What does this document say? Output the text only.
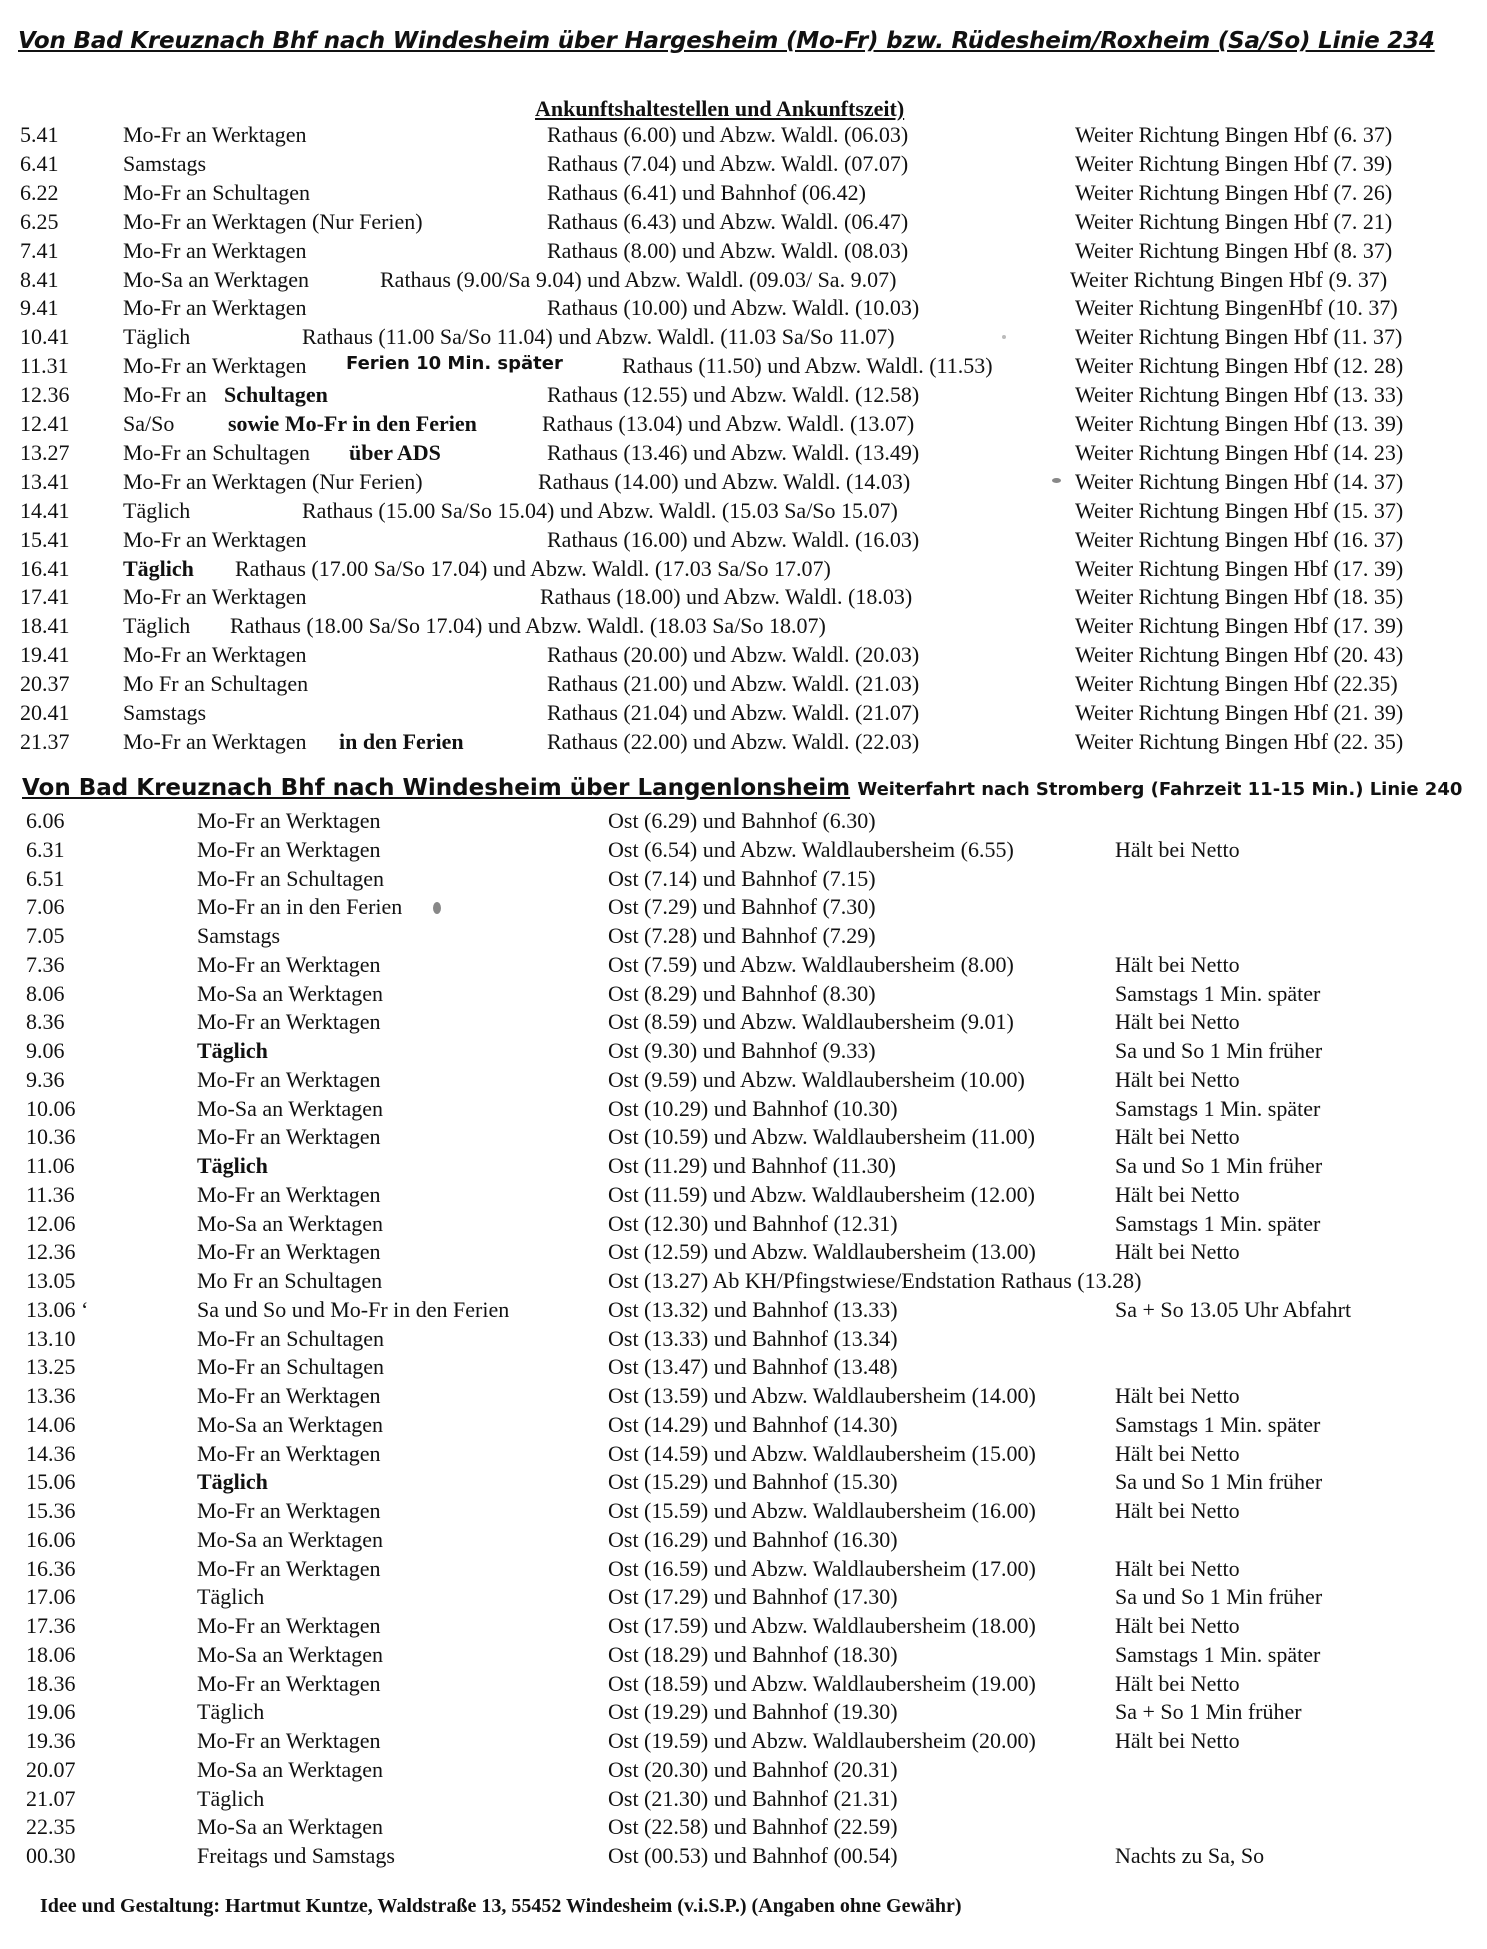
Von Bad Kreuznach Bhf nach Windesheim über Hargesheim (Mo-Fr) bzw. Rüdesheim/Roxheim (Sa/So) Linie 234
Ankunftshaltestellen und Ankunftszeit)
5.41	Mo-Fr an Werktagen	Rathaus (6.00) und Abzw. Waldl. (06.03)	Weiter Richtung Bingen Hbf (6. 37)
6.41	Samstags	Rathaus (7.04) und Abzw. Waldl. (07.07)	Weiter Richtung Bingen Hbf (7. 39)
6.22	Mo-Fr an Schultagen	Rathaus (6.41) und Bahnhof (06.42)	Weiter Richtung Bingen Hbf (7. 26)
6.25	Mo-Fr an Werktagen (Nur Ferien)	Rathaus (6.43) und Abzw. Waldl. (06.47)	Weiter Richtung Bingen Hbf (7. 21)
7.41	Mo-Fr an Werktagen	Rathaus (8.00) und Abzw. Waldl. (08.03)	Weiter Richtung Bingen Hbf (8. 37)
8.41	Mo-Sa an Werktagen	Rathaus (9.00/Sa 9.04) und Abzw. Waldl. (09.03/ Sa. 9.07)	Weiter Richtung Bingen Hbf (9. 37)
9.41	Mo-Fr an Werktagen	Rathaus (10.00) und Abzw. Waldl. (10.03)	Weiter Richtung BingenHbf (10. 37)
10.41 Täglich	Rathaus (11.00 Sa/So 11.04) und Abzw. Waldl. (11.03 Sa/So 11.07)	Weiter Richtung Bingen Hbf (11. 37)
11.31 Mo-Fr an Werktagen Ferien 10 Min. später	Rathaus (11.50) und Abzw. Waldl. (11.53)	Weiter Richtung Bingen Hbf (12. 28)
12.36 Mo-Fr an Schultagen	Rathaus (12.55) und Abzw. Waldl. (12.58)	Weiter Richtung Bingen Hbf (13. 33)
12.41 Sa/So sowie Mo-Fr in den Ferien	Rathaus (13.04) und Abzw. Waldl. (13.07)	Weiter Richtung Bingen Hbf (13. 39)
13.27 Mo-Fr an Schultagen über ADS	Rathaus (13.46) und Abzw. Waldl. (13.49)	Weiter Richtung Bingen Hbf (14. 23)
13.41 Mo-Fr an Werktagen (Nur Ferien)	Rathaus (14.00) und Abzw. Waldl. (14.03)	Weiter Richtung Bingen Hbf (14. 37)
14.41 Täglich	Rathaus (15.00 Sa/So 15.04) und Abzw. Waldl. (15.03 Sa/So 15.07)	Weiter Richtung Bingen Hbf (15. 37)
15.41 Mo-Fr an Werktagen	Rathaus (16.00) und Abzw. Waldl. (16.03)	Weiter Richtung Bingen Hbf (16. 37)
16.41 Täglich Rathaus (17.00 Sa/So 17.04) und Abzw. Waldl. (17.03 Sa/So 17.07)	Weiter Richtung Bingen Hbf (17. 39)
17.41 Mo-Fr an Werktagen	Rathaus (18.00) und Abzw. Waldl. (18.03)	Weiter Richtung Bingen Hbf (18. 35)
18.41 Täglich Rathaus (18.00 Sa/So 17.04) und Abzw. Waldl. (18.03 Sa/So 18.07)	Weiter Richtung Bingen Hbf (17. 39)
19.41 Mo-Fr an Werktagen	Rathaus (20.00) und Abzw. Waldl. (20.03)	Weiter Richtung Bingen Hbf (20. 43)
20.37 Mo Fr an Schultagen	Rathaus (21.00) und Abzw. Waldl. (21.03)	Weiter Richtung Bingen Hbf (22.35)
20.41 Samstags	Rathaus (21.04) und Abzw. Waldl. (21.07)	Weiter Richtung Bingen Hbf (21. 39)
21.37 Mo-Fr an Werktagen in den Ferien	Rathaus (22.00) und Abzw. Waldl. (22.03)	Weiter Richtung Bingen Hbf (22. 35)
Von Bad Kreuznach Bhf nach Windesheim über Langenlonsheim Weiterfahrt nach Stromberg (Fahrzeit 11-15 Min.) Linie 240
6.06	Mo-Fr an Werktagen	Ost (6.29) und Bahnhof (6.30)
6.31	Mo-Fr an Werktagen	Ost (6.54) und Abzw. Waldlaubersheim (6.55)	Hält bei Netto
6.51	Mo-Fr an Schultagen	Ost (7.14) und Bahnhof (7.15)
7.06	Mo-Fr an in den Ferien	Ost (7.29) und Bahnhof (7.30)
7.05	Samstags	Ost (7.28) und Bahnhof (7.29)
7.36	Mo-Fr an Werktagen	Ost (7.59) und Abzw. Waldlaubersheim (8.00)	Hält bei Netto
8.06	Mo-Sa an Werktagen	Ost (8.29) und Bahnhof (8.30)	Samstags 1 Min. später
8.36	Mo-Fr an Werktagen	Ost (8.59) und Abzw. Waldlaubersheim (9.01)	Hält bei Netto
9.06	Täglich	Ost (9.30) und Bahnhof (9.33)	Sa und So 1 Min früher
9.36	Mo-Fr an Werktagen	Ost (9.59) und Abzw. Waldlaubersheim (10.00)	Hält bei Netto
10.06	Mo-Sa an Werktagen	Ost (10.29) und Bahnhof (10.30)	Samstags 1 Min. später
10.36	Mo-Fr an Werktagen	Ost (10.59) und Abzw. Waldlaubersheim (11.00)	Hält bei Netto
11.06	Täglich	Ost (11.29) und Bahnhof (11.30)	Sa und So 1 Min früher
11.36	Mo-Fr an Werktagen	Ost (11.59) und Abzw. Waldlaubersheim (12.00)	Hält bei Netto
12.06	Mo-Sa an Werktagen	Ost (12.30) und Bahnhof (12.31)	Samstags 1 Min. später
12.36	Mo-Fr an Werktagen	Ost (12.59) und Abzw. Waldlaubersheim (13.00)	Hält bei Netto
13.05	Mo Fr an Schultagen	Ost (13.27) Ab KH/Pfingstwiese/Endstation Rathaus (13.28)
13.06 ‘	Sa und So und Mo-Fr in den Ferien	Ost (13.32) und Bahnhof (13.33)	Sa + So 13.05 Uhr Abfahrt
13.10	Mo-Fr an Schultagen	Ost (13.33) und Bahnhof (13.34)
13.25	Mo-Fr an Schultagen	Ost (13.47) und Bahnhof (13.48)
13.36	Mo-Fr an Werktagen	Ost (13.59) und Abzw. Waldlaubersheim (14.00)	Hält bei Netto
14.06	Mo-Sa an Werktagen	Ost (14.29) und Bahnhof (14.30)	Samstags 1 Min. später
14.36	Mo-Fr an Werktagen	Ost (14.59) und Abzw. Waldlaubersheim (15.00)	Hält bei Netto
15.06	Täglich	Ost (15.29) und Bahnhof (15.30)	Sa und So 1 Min früher
15.36	Mo-Fr an Werktagen	Ost (15.59) und Abzw. Waldlaubersheim (16.00)	Hält bei Netto
16.06	Mo-Sa an Werktagen	Ost (16.29) und Bahnhof (16.30)
16.36	Mo-Fr an Werktagen	Ost (16.59) und Abzw. Waldlaubersheim (17.00)	Hält bei Netto
17.06	Täglich	Ost (17.29) und Bahnhof (17.30)	Sa und So 1 Min früher
17.36	Mo-Fr an Werktagen	Ost (17.59) und Abzw. Waldlaubersheim (18.00)	Hält bei Netto
18.06	Mo-Sa an Werktagen	Ost (18.29) und Bahnhof (18.30)	Samstags 1 Min. später
18.36	Mo-Fr an Werktagen	Ost (18.59) und Abzw. Waldlaubersheim (19.00)	Hält bei Netto
19.06	Täglich	Ost (19.29) und Bahnhof (19.30)	Sa + So 1 Min früher
19.36	Mo-Fr an Werktagen	Ost (19.59) und Abzw. Waldlaubersheim (20.00)	Hält bei Netto
20.07	Mo-Sa an Werktagen	Ost (20.30) und Bahnhof (20.31)
21.07	Täglich	Ost (21.30) und Bahnhof (21.31)
22.35	Mo-Sa an Werktagen	Ost (22.58) und Bahnhof (22.59)
00.30	Freitags und Samstags	Ost (00.53) und Bahnhof (00.54)	Nachts zu Sa, So
Idee und Gestaltung: Hartmut Kuntze, Waldstraße 13, 55452 Windesheim (v.i.S.P.) (Angaben ohne Gewähr)
